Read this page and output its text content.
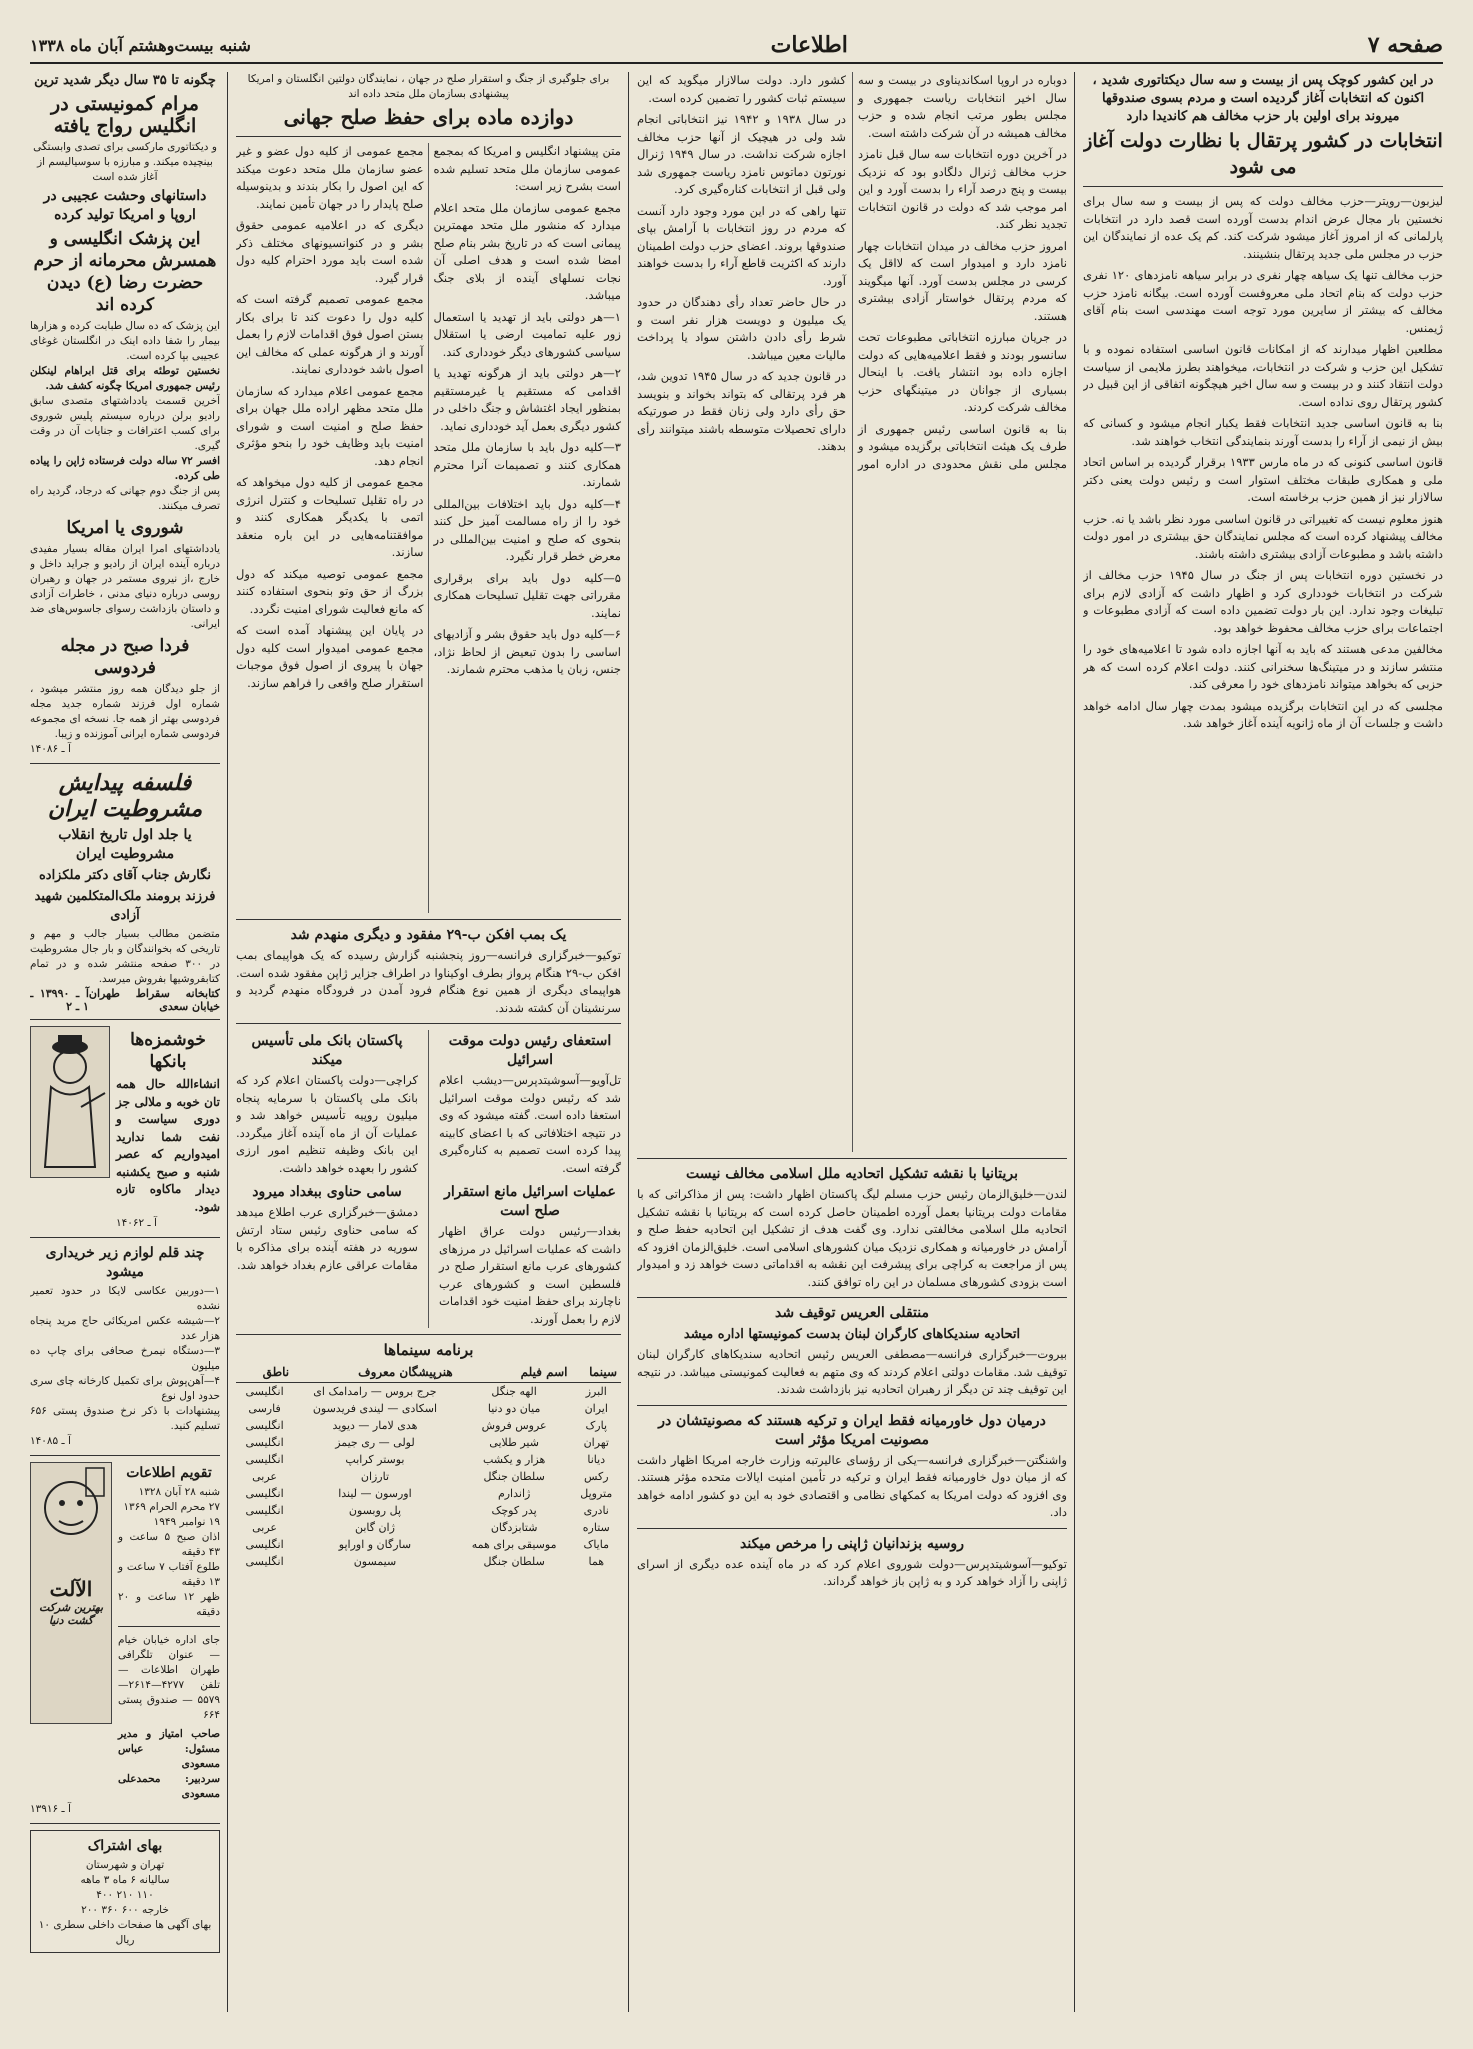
صفحه ۷
اطلاعات
شنبه بیست‌وهشتم آبان ماه ۱۳۳۸
در این کشور کوچک پس از بیست و سه سال دیکتاتوری شدید ، اکنون که انتخابات آغاز گردیده است و مردم بسوی صندوقها میروند برای اولین بار حزب مخالف هم کاندیدا دارد
انتخابات در کشور پرتقال با نظارت دولت آغاز می شود

لیزبون—رویتر—حزب مخالف دولت که پس از بیست و سه سال برای نخستین بار مجال عرض اندام بدست آورده است قصد دارد در انتخابات پارلمانی که از امروز آغاز میشود شرکت کند. کم یک عده از نمایندگان این حزب در مجلس ملی جدید پرتقال بنشینند.

حزب مخالف تنها یک سیاهه چهار نفری در برابر سیاهه نامزدهای ۱۲۰ نفری حزب دولت که بنام اتحاد ملی معروفست آورده است. بیگانه نامزد حزب مخالف که بیشتر از سایرین مورد توجه است مهندسی است بنام آقای ژیمنس.

مطلعین اظهار میدارند که از امکانات قانون اساسی استفاده نموده و با تشکیل این حزب و شرکت در انتخابات، میخواهند بطرز ملایمی از سیاست دولت انتقاد کنند و در بیست و سه سال اخیر هیچگونه اتفاقی از این قبیل در کشور پرتقال روی نداده است.

بنا به قانون اساسی جدید انتخابات فقط یکبار انجام میشود و کسانی که بیش از نیمی از آراء را بدست آورند بنمایندگی انتخاب خواهند شد.

قانون اساسی کنونی که در ماه مارس ۱۹۳۳ برقرار گردیده بر اساس اتحاد ملی و همکاری طبقات مختلف استوار است و رئیس دولت یعنی دکتر سالازار نیز از همین حزب برخاسته است.

هنوز معلوم نیست که تغییراتی در قانون اساسی مورد نظر باشد یا نه. حزب مخالف پیشنهاد کرده است که مجلس نمایندگان حق بیشتری در امور دولت داشته باشد و مطبوعات آزادی بیشتری داشته باشند.

در نخستین دوره انتخابات پس از جنگ در سال ۱۹۴۵ حزب مخالف از شرکت در انتخابات خودداری کرد و اظهار داشت که آزادی لازم برای تبلیغات وجود ندارد. این بار دولت تضمین داده است که آزادی مطبوعات و اجتماعات برای حزب مخالف محفوظ خواهد بود.

مخالفین مدعی هستند که باید به آنها اجازه داده شود تا اعلامیه‌های خود را منتشر سازند و در میتینگ‌ها سخنرانی کنند. دولت اعلام کرده است که هر حزبی که بخواهد میتواند نامزدهای خود را معرفی کند.

مجلسی که در این انتخابات برگزیده میشود بمدت چهار سال ادامه خواهد داشت و جلسات آن از ماه ژانویه آینده آغاز خواهد شد.

دوباره در اروپا اسکاندیناوی در بیست و سه سال اخیر انتخابات ریاست جمهوری و مجلس بطور مرتب انجام شده و حزب مخالف همیشه در آن شرکت داشته است.

در آخرین دوره انتخابات سه سال قبل نامزد حزب مخالف ژنرال دلگادو بود که نزدیک بیست و پنج درصد آراء را بدست آورد و این امر موجب شد که دولت در قانون انتخابات تجدید نظر کند.

امروز حزب مخالف در میدان انتخابات چهار نامزد دارد و امیدوار است که لااقل یک کرسی در مجلس بدست آورد. آنها میگویند که مردم پرتقال خواستار آزادی بیشتری هستند.

در جریان مبارزه انتخاباتی مطبوعات تحت سانسور بودند و فقط اعلامیه‌هایی که دولت اجازه داده بود انتشار یافت. با اینحال بسیاری از جوانان در میتینگهای حزب مخالف شرکت کردند.

بنا به قانون اساسی رئیس جمهوری از طرف یک هیئت انتخاباتی برگزیده میشود و مجلس ملی نقش محدودی در اداره امور کشور دارد. دولت سالازار میگوید که این سیستم ثبات کشور را تضمین کرده است.

در سال ۱۹۳۸ و ۱۹۴۲ نیز انتخاباتی انجام شد ولی در هیچیک از آنها حزب مخالف اجازه شرکت نداشت. در سال ۱۹۴۹ ژنرال نورتون دماتوس نامزد ریاست جمهوری شد ولی قبل از انتخابات کناره‌گیری کرد.

تنها راهی که در این مورد وجود دارد آنست که مردم در روز انتخابات با آرامش بپای صندوقها بروند. اعضای حزب دولت اطمینان دارند که اکثریت قاطع آراء را بدست خواهند آورد.

در حال حاضر تعداد رأی دهندگان در حدود یک میلیون و دویست هزار نفر است و شرط رأی دادن داشتن سواد یا پرداخت مالیات معین میباشد.

در قانون جدید که در سال ۱۹۴۵ تدوین شد، هر فرد پرتقالی که بتواند بخواند و بنویسد حق رأی دارد ولی زنان فقط در صورتیکه دارای تحصیلات متوسطه باشند میتوانند رأی بدهند.

بریتانیا با نقشه تشکیل اتحادیه ملل اسلامی مخالف نیست
لندن—خلیق‌الزمان رئیس حزب مسلم لیگ پاکستان اظهار داشت: پس از مذاکراتی که با مقامات دولت بریتانیا بعمل آورده اطمینان حاصل کرده است که بریتانیا با نقشه تشکیل اتحادیه ملل اسلامی مخالفتی ندارد. وی گفت هدف از تشکیل این اتحادیه حفظ صلح و آرامش در خاورمیانه و همکاری نزدیک میان کشورهای اسلامی است. خلیق‌الزمان افزود که پس از مراجعت به کراچی برای پیشرفت این نقشه به اقداماتی دست خواهد زد و امیدوار است بزودی کشورهای مسلمان در این راه توافق کنند.
منتقلی العریس توقیف شد
اتحادیه سندیکاهای کارگران لبنان بدست کمونیستها اداره میشد
بیروت—خبرگزاری فرانسه—مصطفی العریس رئیس اتحادیه سندیکاهای کارگران لبنان توقیف شد. مقامات دولتی اعلام کردند که وی متهم به فعالیت کمونیستی میباشد. در نتیجه این توقیف چند تن دیگر از رهبران اتحادیه نیز بازداشت شدند.
درمیان دول خاورمیانه فقط ایران و ترکیه هستند که مصونیتشان در مصونیت امریکا مؤثر است
واشنگتن—خبرگزاری فرانسه—یکی از رؤسای عالیرتبه وزارت خارجه امریکا اظهار داشت که از میان دول خاورمیانه فقط ایران و ترکیه در تأمین امنیت ایالات متحده مؤثر هستند. وی افزود که دولت امریکا به کمکهای نظامی و اقتصادی خود به این دو کشور ادامه خواهد داد.
روسیه بزندانیان ژاپنی را مرخص میکند
توکیو—آسوشیتدپرس—دولت شوروی اعلام کرد که در ماه آینده عده دیگری از اسرای ژاپنی را آزاد خواهد کرد و به ژاپن باز خواهد گرداند.
برای جلوگیری از جنگ و استقرار صلح در جهان ، نمایندگان دولتین انگلستان و امریکا پیشنهادی بسازمان ملل متحد داده اند
دوازده ماده برای حفظ صلح جهانی

متن پیشنهاد انگلیس و امریکا که بمجمع عمومی سازمان ملل متحد تسلیم شده است بشرح زیر است:

مجمع عمومی سازمان ملل متحد اعلام میدارد که منشور ملل متحد مهمترین پیمانی است که در تاریخ بشر بنام صلح امضا شده است و هدف اصلی آن نجات نسلهای آینده از بلای جنگ میباشد.

۱—هر دولتی باید از تهدید یا استعمال زور علیه تمامیت ارضی یا استقلال سیاسی کشورهای دیگر خودداری کند.

۲—هر دولتی باید از هرگونه تهدید یا اقدامی که مستقیم یا غیرمستقیم بمنظور ایجاد اغتشاش و جنگ داخلی در کشور دیگری بعمل آید خودداری نماید.

۳—کلیه دول باید با سازمان ملل متحد همکاری کنند و تصمیمات آنرا محترم شمارند.

۴—کلیه دول باید اختلافات بین‌المللی خود را از راه مسالمت آمیز حل کنند بنحوی که صلح و امنیت بین‌المللی در معرض خطر قرار نگیرد.

۵—کلیه دول باید برای برقراری مقرراتی جهت تقلیل تسلیحات همکاری نمایند.

۶—کلیه دول باید حقوق بشر و آزادیهای اساسی را بدون تبعیض از لحاظ نژاد، جنس، زبان یا مذهب محترم شمارند.

مجمع عمومی از کلیه دول عضو و غیر عضو سازمان ملل متحد دعوت میکند که این اصول را بکار بندند و بدینوسیله صلح پایدار را در جهان تأمین نمایند.

دیگری که در اعلامیه عمومی حقوق بشر و در کنوانسیونهای مختلف ذکر شده است باید مورد احترام کلیه دول قرار گیرد.

مجمع عمومی تصمیم گرفته است که کلیه دول را دعوت کند تا برای بکار بستن اصول فوق اقدامات لازم را بعمل آورند و از هرگونه عملی که مخالف این اصول باشد خودداری نمایند.

مجمع عمومی اعلام میدارد که سازمان ملل متحد مظهر اراده ملل جهان برای حفظ صلح و امنیت است و شورای امنیت باید وظایف خود را بنحو مؤثری انجام دهد.

مجمع عمومی از کلیه دول میخواهد که در راه تقلیل تسلیحات و کنترل انرژی اتمی با یکدیگر همکاری کنند و موافقتنامه‌هایی در این باره منعقد سازند.

مجمع عمومی توصیه میکند که دول بزرگ از حق وتو بنحوی استفاده کنند که مانع فعالیت شورای امنیت نگردد.

در پایان این پیشنهاد آمده است که مجمع عمومی امیدوار است کلیه دول جهان با پیروی از اصول فوق موجبات استقرار صلح واقعی را فراهم سازند.

یک بمب افکن ب-۲۹ مفقود و دیگری منهدم شد
توکیو—خبرگزاری فرانسه—روز پنجشنبه گزارش رسیده که یک هواپیمای بمب افکن ب-۲۹ هنگام پرواز بطرف اوکیناوا در اطراف جزایر ژاپن مفقود شده است. هواپیمای دیگری از همین نوع هنگام فرود آمدن در فرودگاه منهدم گردید و سرنشینان آن کشته شدند.
استعفای رئیس دولت موقت اسرائیل
تل‌آویو—آسوشیتدپرس—دیشب اعلام شد که رئیس دولت موقت اسرائیل استعفا داده است. گفته میشود که وی در نتیجه اختلافاتی که با اعضای کابینه پیدا کرده است تصمیم به کناره‌گیری گرفته است.
عملیات اسرائیل مانع استقرار صلح است
بغداد—رئیس دولت عراق اظهار داشت که عملیات اسرائیل در مرزهای کشورهای عرب مانع استقرار صلح در فلسطین است و کشورهای عرب ناچارند برای حفظ امنیت خود اقدامات لازم را بعمل آورند.
پاکستان بانک ملی تأسیس میکند
کراچی—دولت پاکستان اعلام کرد که بانک ملی پاکستان با سرمایه پنجاه میلیون روپیه تأسیس خواهد شد و عملیات آن از ماه آینده آغاز میگردد. این بانک وظیفه تنظیم امور ارزی کشور را بعهده خواهد داشت.
سامی حناوی ببغداد میرود
دمشق—خبرگزاری عرب اطلاع میدهد که سامی حناوی رئیس ستاد ارتش سوریه در هفته آینده برای مذاکره با مقامات عراقی عازم بغداد خواهد شد.
برنامه سینماها
سینما	اسم فیلم	هنرپیشگان معروف	ناطق
البرز	الهه جنگل	جرج بروس — رامدامک ای	انگلیسی
ایران	میان دو دنیا	اسکادی — لیندی فریدسون	فارسی
پارک	عروس فروش	هدی لامار — دیوید	انگلیسی
تهران	شیر طلایی	لولی — ری جیمز	انگلیسی
دیانا	هزار و یکشب	بوستر کرابپ	انگلیسی
رکس	سلطان جنگل	تارزان	عربی
متروپل	ژاندارم	اورسون — لیندا	انگلیسی
نادری	پدر کوچک	پل روبسون	انگلیسی
ستاره	شتابزدگان	ژان گابن	عربی
مایاک	موسیقی برای همه	سارگان و اوراپو	انگلیسی
هما	سلطان جنگل	سیمسون	انگلیسی
چگونه تا ۳۵ سال دیگر شدید ترین
مرام کمونیستی در انگلیس رواج یافته
و دیکتاتوری مارکسی برای تصدی وابستگی بینچیده میکند. و مبارزه با سوسیالیسم از آغاز شده است
داستانهای وحشت عجیبی در اروپا و امریکا تولید کرده
این پزشک انگلیسی و همسرش محرمانه از حرم حضرت رضا (ع) دیدن کرده اند
این پزشک که ده سال طبابت کرده و هزارها بیمار را شفا داده اینک در انگلستان غوغای عجیبی بپا کرده است.
نخستین توطئه برای قتل ابراهام لینکلن رئیس جمهوری امریکا چگونه کشف شد.
آخرین قسمت یادداشتهای متصدی سابق رادیو برلن درباره سیستم پلیس شوروی برای کسب اعترافات و جنایات آن در وقت گیری.
افسر ۷۲ ساله دولت فرستاده ژاپن را پیاده طی کرده.
پس از جنگ دوم جهانی که درجاد، گردید راه تصرف میکنند.
شوروی یا امریکا
یادداشتهای امرا ایران مقاله بسیار مفیدی درباره آینده ایران از رادیو و جراید داخل و خارج ،از نیروی مستمر در جهان و رهبران روسی درباره دنیای مدنی ، خاطرات آزادی و داستان بازداشت رسوای جاسوس‌های ضد ایرانی.
فردا صبح در مجله فردوسی
از جلو دیدگان همه روز منتشر میشود ، شماره اول فرزند شماره جدید مجله فردوسی بهتر از همه جا. نسخه ای مجموعه فردوسی شماره ایرانی آموزنده و زیبا.
آ ـ ۱۴۰۸۶
فلسفه پیدایش مشروطیت ایران
یا جلد اول تاریخ انقلاب مشروطیت ایران
نگارش جناب آقای دکتر ملکزاده
فرزند برومند ملک‌المتکلمین شهید آزادی
متضمن مطالب بسیار جالب و مهم و تاریخی که بخوانندگان و بار جال مشروطیت در ۳۰۰ صفحه منتشر شده و در تمام کتابفروشیها بفروش میرسد.
کتابخانه سقراط طهران خیابان سعدی
آ ـ ۱۳۹۹۰ ـ ۱ ـ ۲
خوشمزه‌ها بانکها
انشاءالله حال همه تان خوبه و ملالی جز دوری سیاست و نفت شما ندارید امیدواریم که عصر شنبه و صبح یکشنبه دیدار ماکاوه تازه شود.
آ ـ ۱۴۰۶۲
چند قلم لوازم زیر خریداری میشود
۱—دوربین عکاسی لایکا در حدود تعمیر نشده
۲—شیشه عکس امریکائی حاج مرید پنجاه هزار عدد
۳—دستگاه نیمرخ صحافی برای چاپ ده میلیون
۴—آهن‌پوش برای تکمیل کارخانه چای سری حدود اول نوع
پیشنهادات با ذکر نرخ صندوق پستی ۶۵۶ تسلیم کنید.
آ ـ ۱۴۰۸۵
تقویم اطلاعات
شنبه ۲۸ آبان ۱۳۲۸
۲۷ محرم الحرام ۱۳۶۹
۱۹ نوامبر ۱۹۴۹
اذان صبح ۵ ساعت و ۴۳ دقیقه
طلوع آفتاب ۷ ساعت و ۱۳ دقیقه
ظهر ۱۲ ساعت و ۲۰ دقیقه
جای اداره خیابان خیام — عنوان تلگرافی طهران اطلاعات — تلفن ۴۲۷۷—۲۶۱۴—۵۵۷۹ — صندوق پستی ۶۶۴
صاحب امتیاز و مدیر مسئول: عباس مسعودی
سردبیر: محمدعلی مسعودی
الآلت
بهترین شرکت گشت دنیا
آ ـ ۱۳۹۱۶
بهای اشتراک
تهران و شهرستان
سالیانه ۶ ماه ۳ ماهه
۱۱۰ ۲۱۰ ۴۰۰
خارجه ۶۰۰ ۳۶۰ ۲۰۰
بهای آگهی ها صفحات داخلی سطری ۱۰ ریال
